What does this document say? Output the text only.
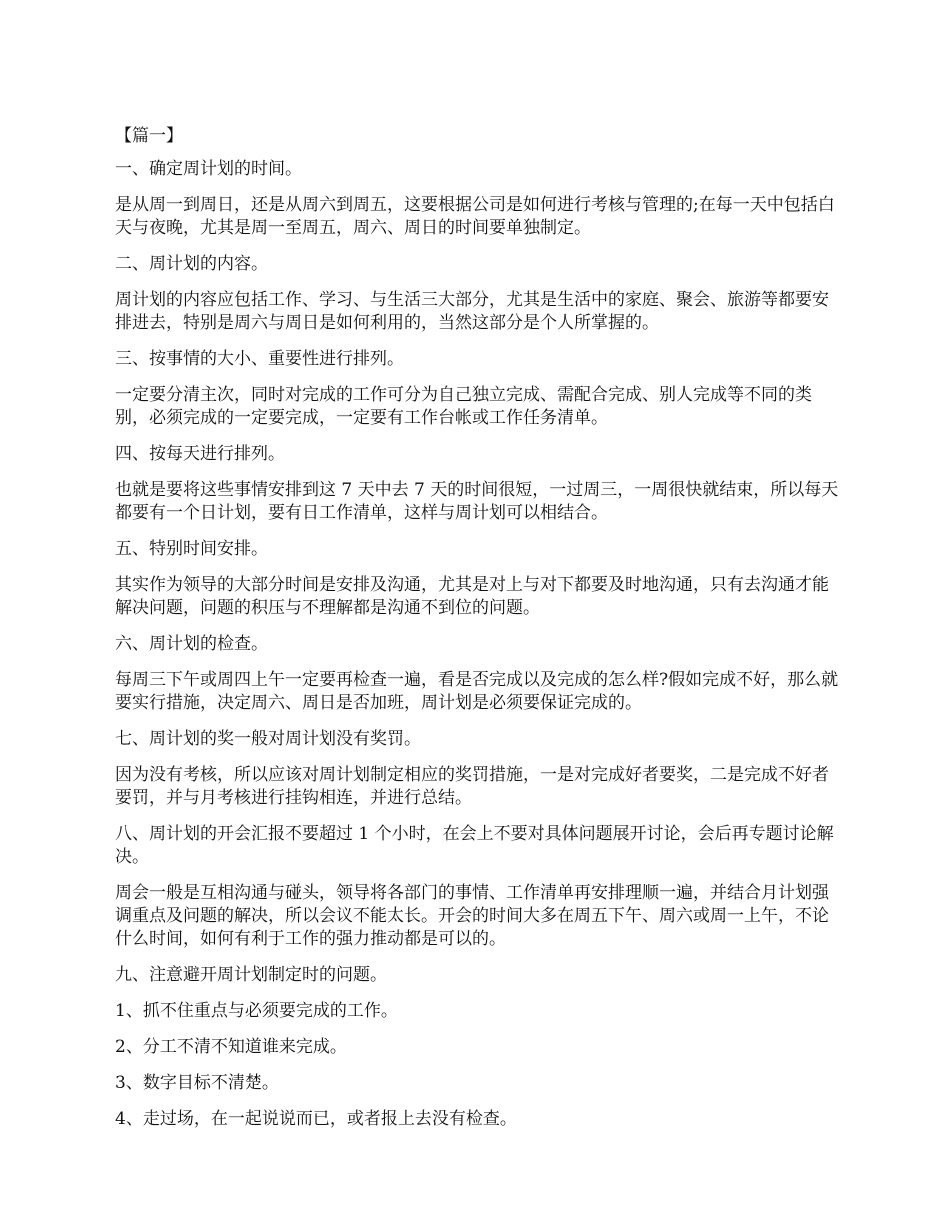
【篇一】

一、确定周计划的时间。

是从周一到周日，还是从周六到周五，这要根据公司是如何进行考核与管理的;在每一天中包括白天与夜晚，尤其是周一至周五，周六、周日的时间要单独制定。

二、周计划的内容。

周计划的内容应包括工作、学习、与生活三大部分，尤其是生活中的家庭、聚会、旅游等都要安排进去，特别是周六与周日是如何利用的，当然这部分是个人所掌握的。

三、按事情的大小、重要性进行排列。

一定要分清主次，同时对完成的工作可分为自己独立完成、需配合完成、别人完成等不同的类别，必须完成的一定要完成，一定要有工作台帐或工作任务清单。

四、按每天进行排列。

也就是要将这些事情安排到这 7 天中去 7 天的时间很短，一过周三，一周很快就结束，所以每天都要有一个日计划，要有日工作清单，这样与周计划可以相结合。

五、特别时间安排。

其实作为领导的大部分时间是安排及沟通，尤其是对上与对下都要及时地沟通，只有去沟通才能解决问题，问题的积压与不理解都是沟通不到位的问题。

六、周计划的检查。

每周三下午或周四上午一定要再检查一遍，看是否完成以及完成的怎么样?假如完成不好，那么就要实行措施，决定周六、周日是否加班，周计划是必须要保证完成的。

七、周计划的奖一般对周计划没有奖罚。

因为没有考核，所以应该对周计划制定相应的奖罚措施，一是对完成好者要奖，二是完成不好者要罚，并与月考核进行挂钩相连，并进行总结。

八、周计划的开会汇报不要超过 1 个小时，在会上不要对具体问题展开讨论，会后再专题讨论解决。

周会一般是互相沟通与碰头，领导将各部门的事情、工作清单再安排理顺一遍，并结合月计划强调重点及问题的解决，所以会议不能太长。开会的时间大多在周五下午、周六或周一上午，不论什么时间，如何有利于工作的强力推动都是可以的。

九、注意避开周计划制定时的问题。

1、抓不住重点与必须要完成的工作。

2、分工不清不知道谁来完成。

3、数字目标不清楚。

4、走过场，在一起说说而已，或者报上去没有检查。
